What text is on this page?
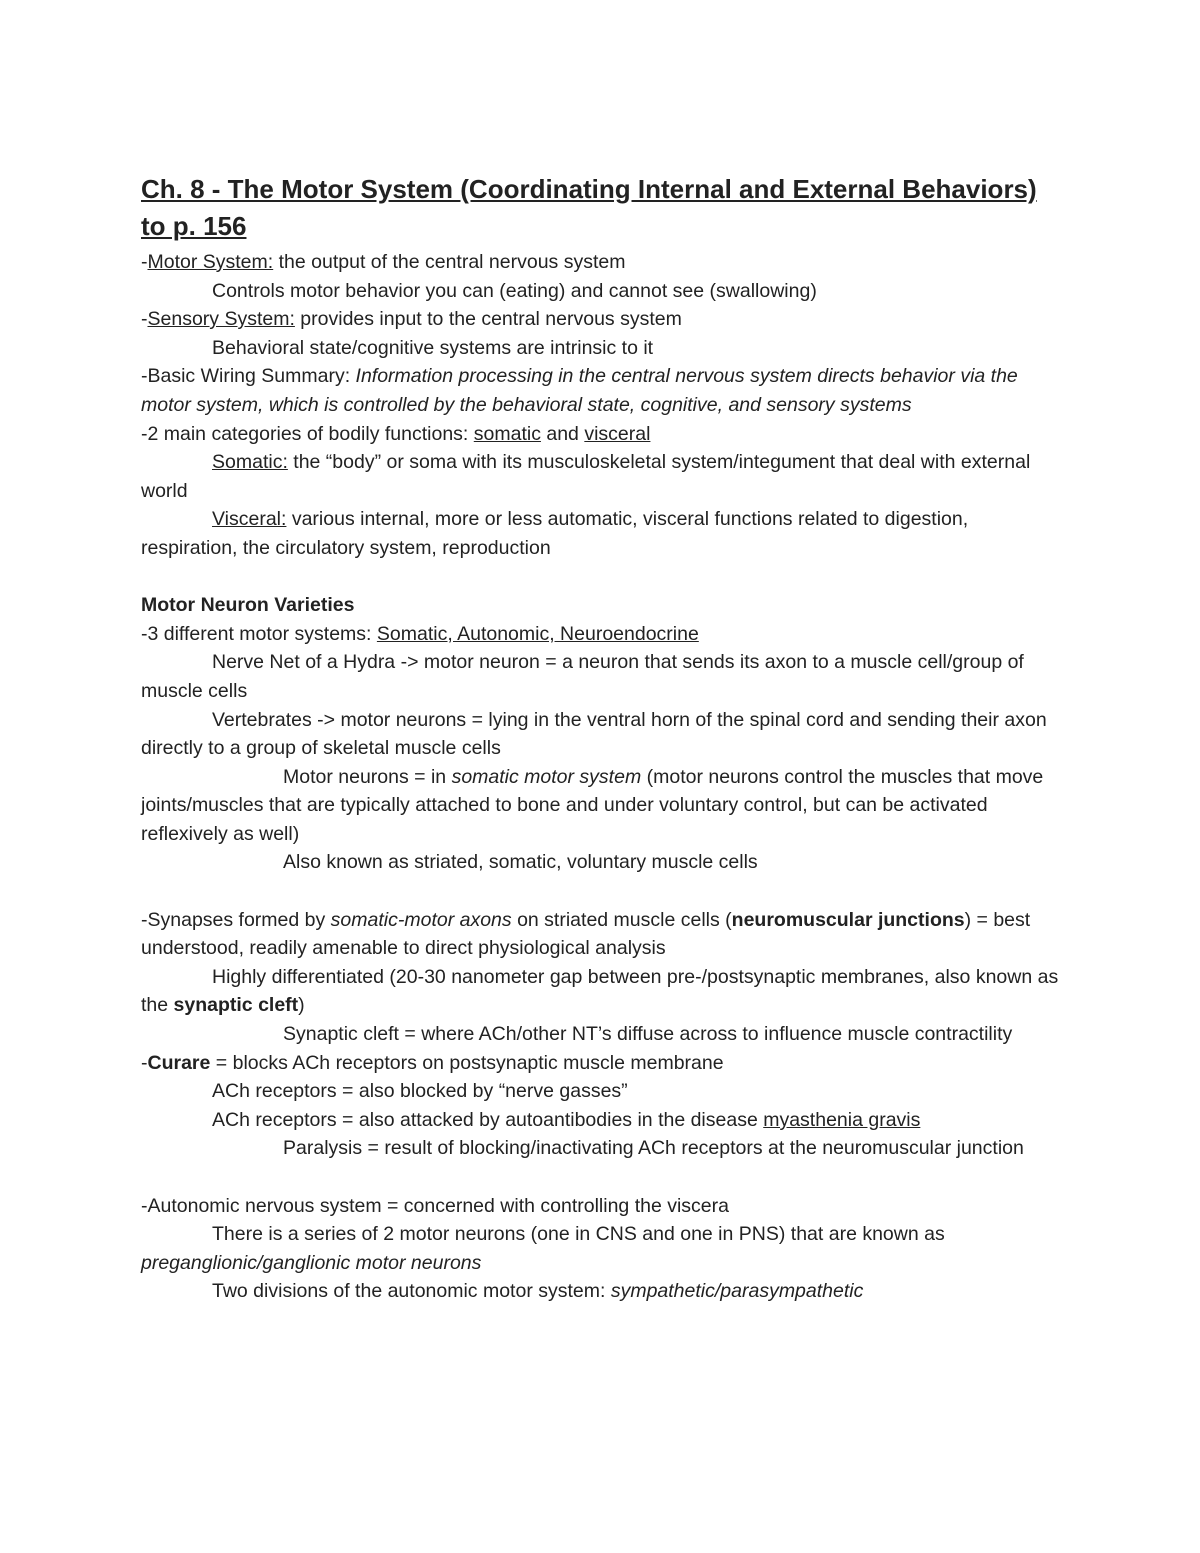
Ch. 8 - The Motor System (Coordinating Internal and External Behaviors) to p. 156

-Motor System: the output of the central nervous system

Controls motor behavior you can (eating) and cannot see (swallowing)

-Sensory System: provides input to the central nervous system

Behavioral state/cognitive systems are intrinsic to it

-Basic Wiring Summary: Information processing in the central nervous system directs behavior via the motor system, which is controlled by the behavioral state, cognitive, and sensory systems

-2 main categories of bodily functions: somatic and visceral

Somatic: the “body” or soma with its musculoskeletal system/integument that deal with external world

Visceral: various internal, more or less automatic, visceral functions related to digestion, respiration, the circulatory system, reproduction

Motor Neuron Varieties

-3 different motor systems: Somatic, Autonomic, Neuroendocrine

Nerve Net of a Hydra -> motor neuron = a neuron that sends its axon to a muscle cell/group of muscle cells

Vertebrates -> motor neurons = lying in the ventral horn of the spinal cord and sending their axon directly to a group of skeletal muscle cells

Motor neurons = in somatic motor system (motor neurons control the muscles that move joints/muscles that are typically attached to bone and under voluntary control, but can be activated reflexively as well)

Also known as striated, somatic, voluntary muscle cells

-Synapses formed by somatic-motor axons on striated muscle cells (neuromuscular junctions) = best understood, readily amenable to direct physiological analysis

Highly differentiated (20-30 nanometer gap between pre-/postsynaptic membranes, also known as the synaptic cleft)

Synaptic cleft = where ACh/other NT’s diffuse across to influence muscle contractility

-Curare = blocks ACh receptors on postsynaptic muscle membrane

ACh receptors = also blocked by “nerve gasses”

ACh receptors = also attacked by autoantibodies in the disease myasthenia gravis

Paralysis = result of blocking/inactivating ACh receptors at the neuromuscular junction

-Autonomic nervous system = concerned with controlling the viscera

There is a series of 2 motor neurons (one in CNS and one in PNS) that are known as preganglionic/ganglionic motor neurons

Two divisions of the autonomic motor system: sympathetic/parasympathetic
